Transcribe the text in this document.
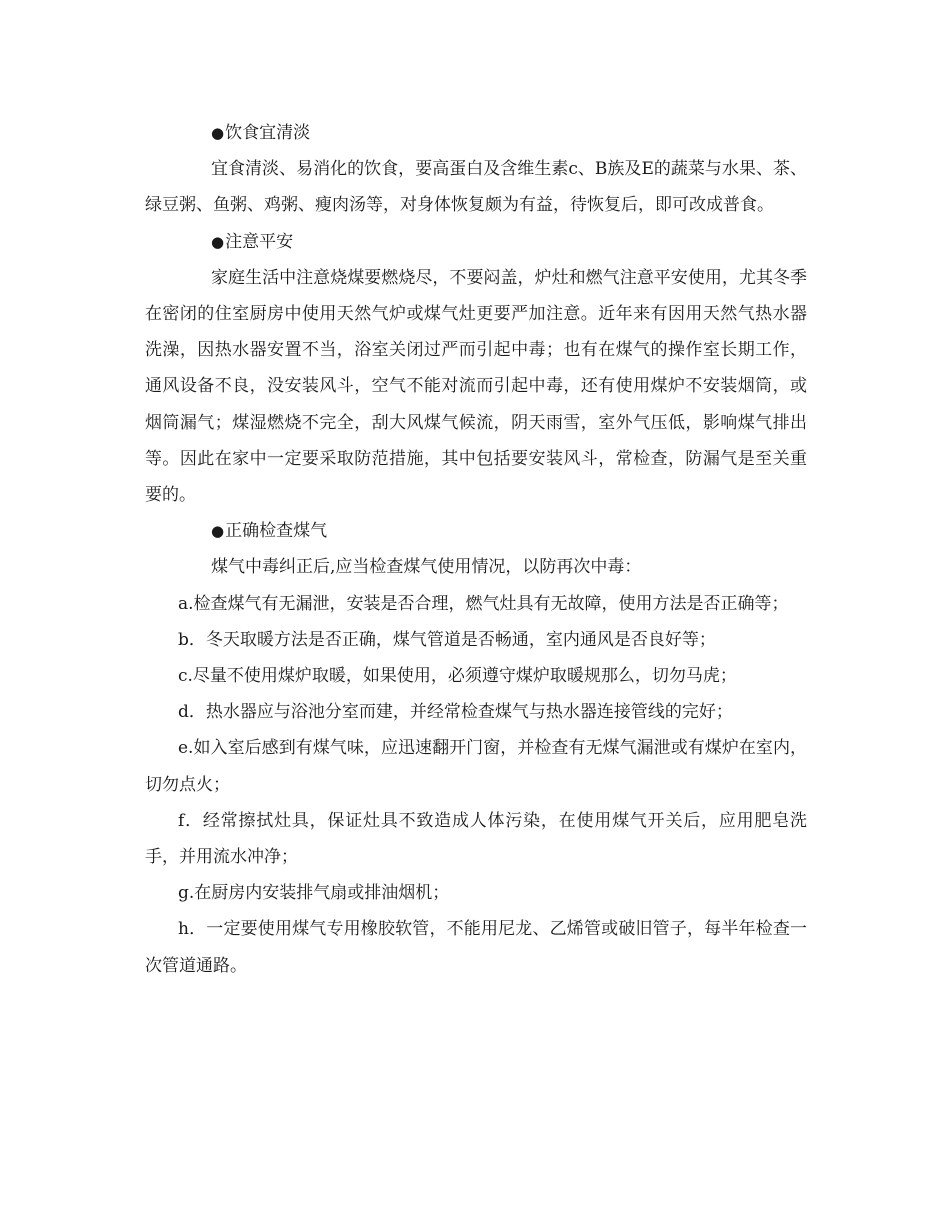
●饮食宜清淡

宜食清淡、易消化的饮食，要高蛋白及含维生素c、B族及E的蔬菜与水果、茶、绿豆粥、鱼粥、鸡粥、瘦肉汤等，对身体恢复颇为有益，待恢复后，即可改成普食。

●注意平安

家庭生活中注意烧煤要燃烧尽，不要闷盖，炉灶和燃气注意平安使用，尤其冬季在密闭的住室厨房中使用天然气炉或煤气灶更要严加注意。近年来有因用天然气热水器洗澡，因热水器安置不当，浴室关闭过严而引起中毒；也有在煤气的操作室长期工作，通风设备不良，没安装风斗，空气不能对流而引起中毒，还有使用煤炉不安装烟筒，或烟筒漏气；煤湿燃烧不完全，刮大风煤气候流，阴天雨雪，室外气压低，影响煤气排出等。因此在家中一定要采取防范措施，其中包括要安装风斗，常检查，防漏气是至关重要的。

●正确检查煤气

煤气中毒纠正后,应当检查煤气使用情况，以防再次中毒：

a.检查煤气有无漏泄，安装是否合理，燃气灶具有无故障，使用方法是否正确等；

b．冬天取暖方法是否正确，煤气管道是否畅通，室内通风是否良好等；

c.尽量不使用煤炉取暖，如果使用，必须遵守煤炉取暖规那么，切勿马虎；

d．热水器应与浴池分室而建，并经常检查煤气与热水器连接管线的完好；

e.如入室后感到有煤气味，应迅速翻开门窗，并检查有无煤气漏泄或有煤炉在室内，切勿点火；

f．经常擦拭灶具，保证灶具不致造成人体污染，在使用煤气开关后，应用肥皂洗手，并用流水冲净；

g.在厨房内安装排气扇或排油烟机；

h．一定要使用煤气专用橡胶软管，不能用尼龙、乙烯管或破旧管子，每半年检查一次管道通路。
